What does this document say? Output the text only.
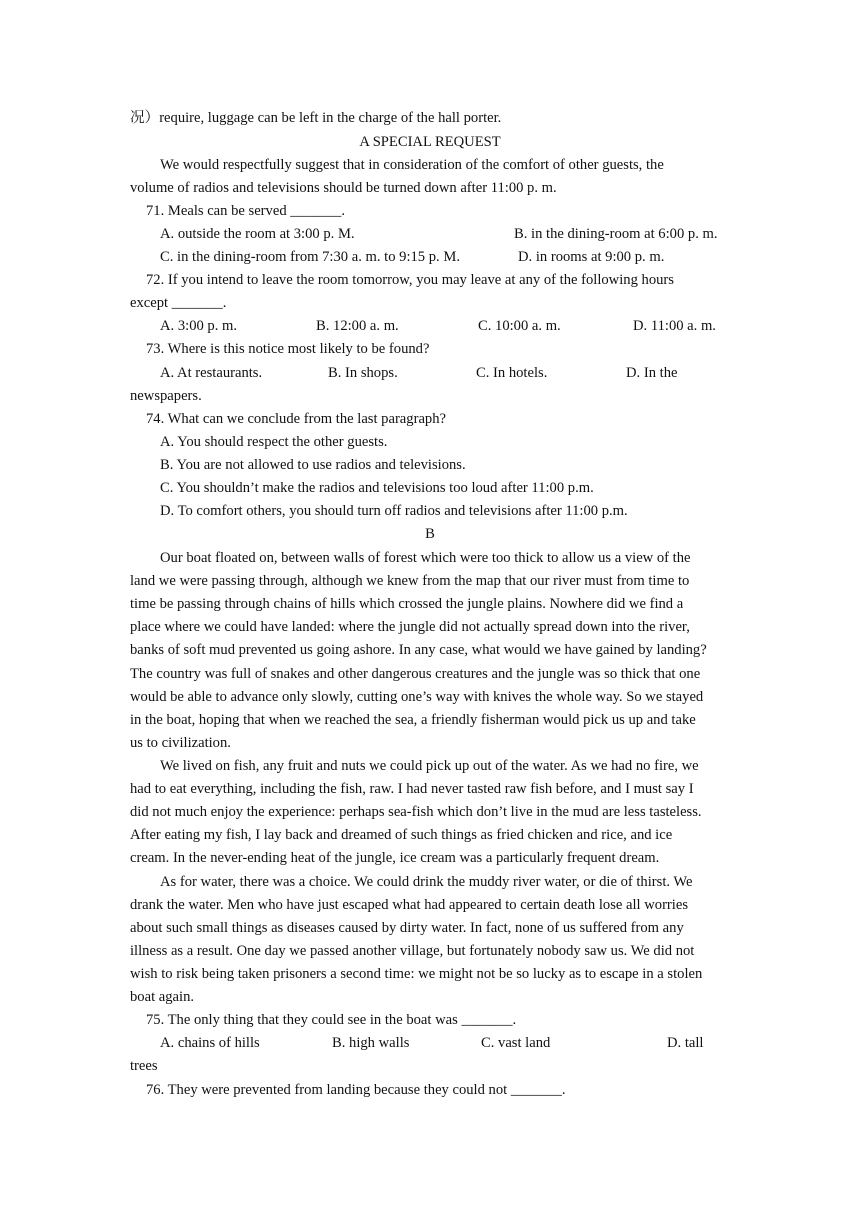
况）require, luggage can be left in the charge of the hall porter.
A SPECIAL REQUEST
We would respectfully suggest that in consideration of the comfort of other guests, the
volume of radios and televisions should be turned down after 11:00 p. m.
71. Meals can be served _______.
A. outside the room at 3:00 p. M.	B. in the dining-room at 6:00 p. m.
C. in the dining-room from 7:30 a. m. to 9:15 p. M.	D. in rooms at 9:00 p. m.
72. If you intend to leave the room tomorrow, you may leave at any of the following hours
except _______.
A. 3:00 p. m.	B. 12:00 a. m.	C. 10:00 a. m.	D. 11:00 a. m.
73. Where is this notice most likely to be found?
A. At restaurants.	B. In shops.	C. In hotels.	D. In the
newspapers.
74. What can we conclude from the last paragraph?
A. You should respect the other guests.
B. You are not allowed to use radios and televisions.
C. You shouldn’t make the radios and televisions too loud after 11:00 p.m.
D. To comfort others, you should turn off radios and televisions after 11:00 p.m.
B
Our boat floated on, between walls of forest which were too thick to allow us a view of the
land we were passing through, although we knew from the map that our river must from time to
time be passing through chains of hills which crossed the jungle plains. Nowhere did we find a
place where we could have landed: where the jungle did not actually spread down into the river,
banks of soft mud prevented us going ashore. In any case, what would we have gained by landing?
The country was full of snakes and other dangerous creatures and the jungle was so thick that one
would be able to advance only slowly, cutting one’s way with knives the whole way. So we stayed
in the boat, hoping that when we reached the sea, a friendly fisherman would pick us up and take
us to civilization.
We lived on fish, any fruit and nuts we could pick up out of the water. As we had no fire, we
had to eat everything, including the fish, raw. I had never tasted raw fish before, and I must say I
did not much enjoy the experience: perhaps sea-fish which don’t live in the mud are less tasteless.
After eating my fish, I lay back and dreamed of such things as fried chicken and rice, and ice
cream. In the never-ending heat of the jungle, ice cream was a particularly frequent dream.
As for water, there was a choice. We could drink the muddy river water, or die of thirst. We
drank the water. Men who have just escaped what had appeared to certain death lose all worries
about such small things as diseases caused by dirty water. In fact, none of us suffered from any
illness as a result. One day we passed another village, but fortunately nobody saw us. We did not
wish to risk being taken prisoners a second time: we might not be so lucky as to escape in a stolen
boat again.
75. The only thing that they could see in the boat was _______.
A. chains of hills	B. high walls	C. vast land	D. tall
trees
76. They were prevented from landing because they could not _______.
